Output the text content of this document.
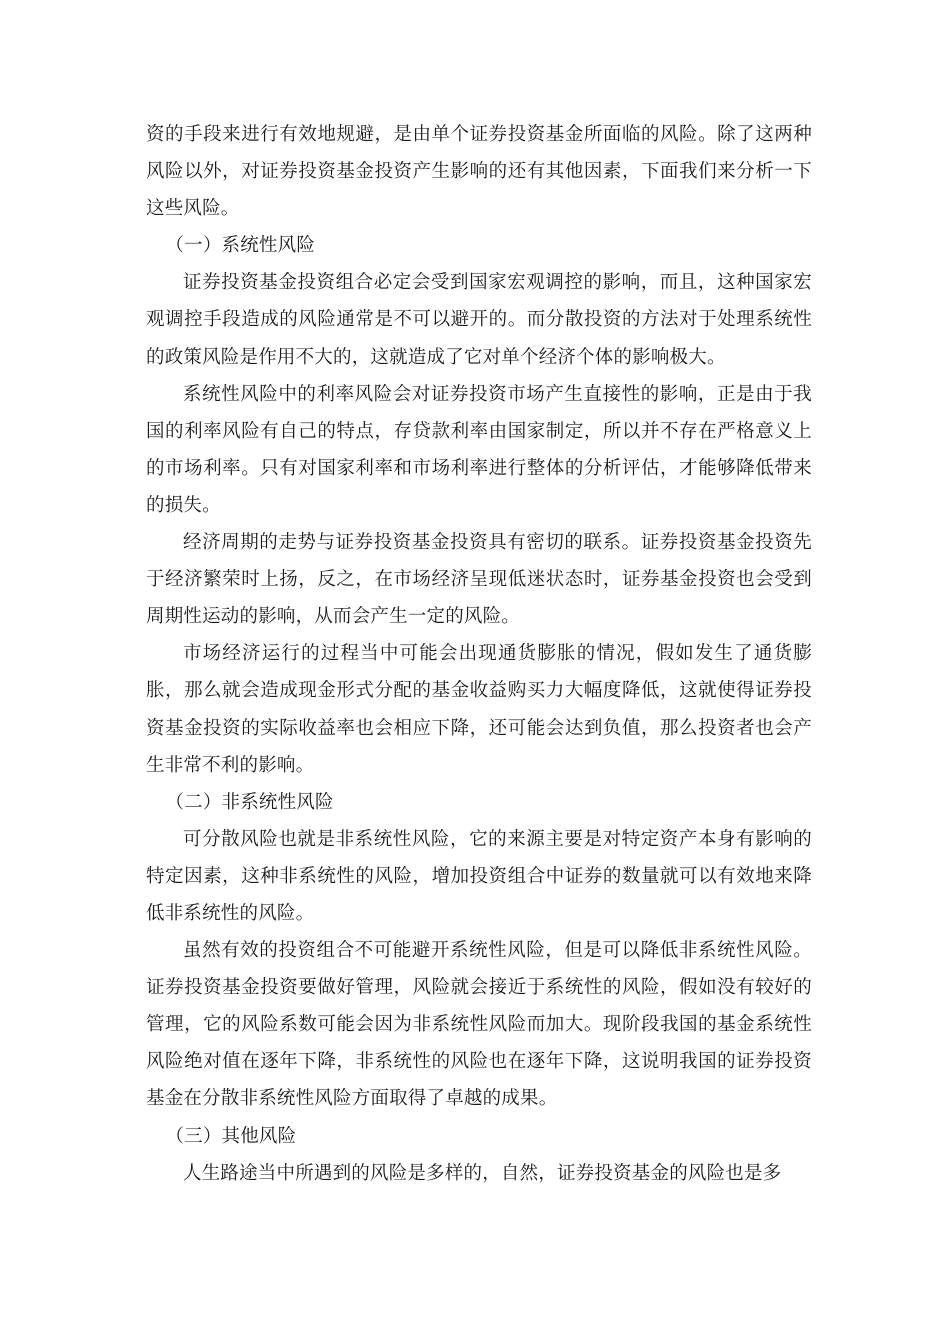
资的手段来进行有效地规避，是由单个证券投资基金所面临的风险。除了这两种风险以外，对证券投资基金投资产生影响的还有其他因素，下面我们来分析一下这些风险。

（一）系统性风险

证券投资基金投资组合必定会受到国家宏观调控的影响，而且，这种国家宏观调控手段造成的风险通常是不可以避开的。而分散投资的方法对于处理系统性的政策风险是作用不大的，这就造成了它对单个经济个体的影响极大。

系统性风险中的利率风险会对证券投资市场产生直接性的影响，正是由于我国的利率风险有自己的特点，存贷款利率由国家制定，所以并不存在严格意义上的市场利率。只有对国家利率和市场利率进行整体的分析评估，才能够降低带来的损失。

经济周期的走势与证券投资基金投资具有密切的联系。证券投资基金投资先于经济繁荣时上扬，反之，在市场经济呈现低迷状态时，证券基金投资也会受到周期性运动的影响，从而会产生一定的风险。

市场经济运行的过程当中可能会出现通货膨胀的情况，假如发生了通货膨胀，那么就会造成现金形式分配的基金收益购买力大幅度降低，这就使得证券投资基金投资的实际收益率也会相应下降，还可能会达到负值，那么投资者也会产生非常不利的影响。

（二）非系统性风险

可分散风险也就是非系统性风险，它的来源主要是对特定资产本身有影响的特定因素，这种非系统性的风险，增加投资组合中证券的数量就可以有效地来降低非系统性的风险。

虽然有效的投资组合不可能避开系统性风险，但是可以降低非系统性风险。证券投资基金投资要做好管理，风险就会接近于系统性的风险，假如没有较好的管理，它的风险系数可能会因为非系统性风险而加大。现阶段我国的基金系统性风险绝对值在逐年下降，非系统性的风险也在逐年下降，这说明我国的证券投资基金在分散非系统性风险方面取得了卓越的成果。

（三）其他风险

人生路途当中所遇到的风险是多样的，自然，证券投资基金的风险也是多
